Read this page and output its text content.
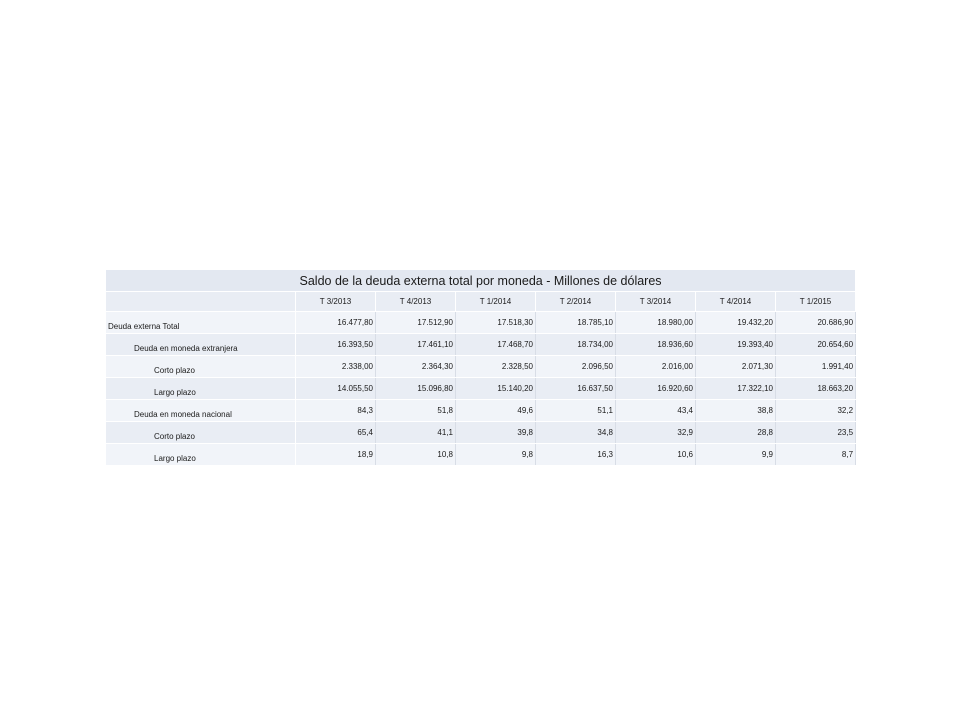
Saldo de la deuda externa total por moneda - Millones de dólares							
	T 3/2013	T 4/2013	T 1/2014	T 2/2014	T 3/2014	T 4/2014	T 1/2015
Deuda externa Total	16.477,80	17.512,90	17.518,30	18.785,10	18.980,00	19.432,20	20.686,90
Deuda en moneda extranjera	16.393,50	17.461,10	17.468,70	18.734,00	18.936,60	19.393,40	20.654,60
Corto plazo	2.338,00	2.364,30	2.328,50	2.096,50	2.016,00	2.071,30	1.991,40
Largo plazo	14.055,50	15.096,80	15.140,20	16.637,50	16.920,60	17.322,10	18.663,20
Deuda en moneda nacional	84,3	51,8	49,6	51,1	43,4	38,8	32,2
Corto plazo	65,4	41,1	39,8	34,8	32,9	28,8	23,5
Largo plazo	18,9	10,8	9,8	16,3	10,6	9,9	8,7
